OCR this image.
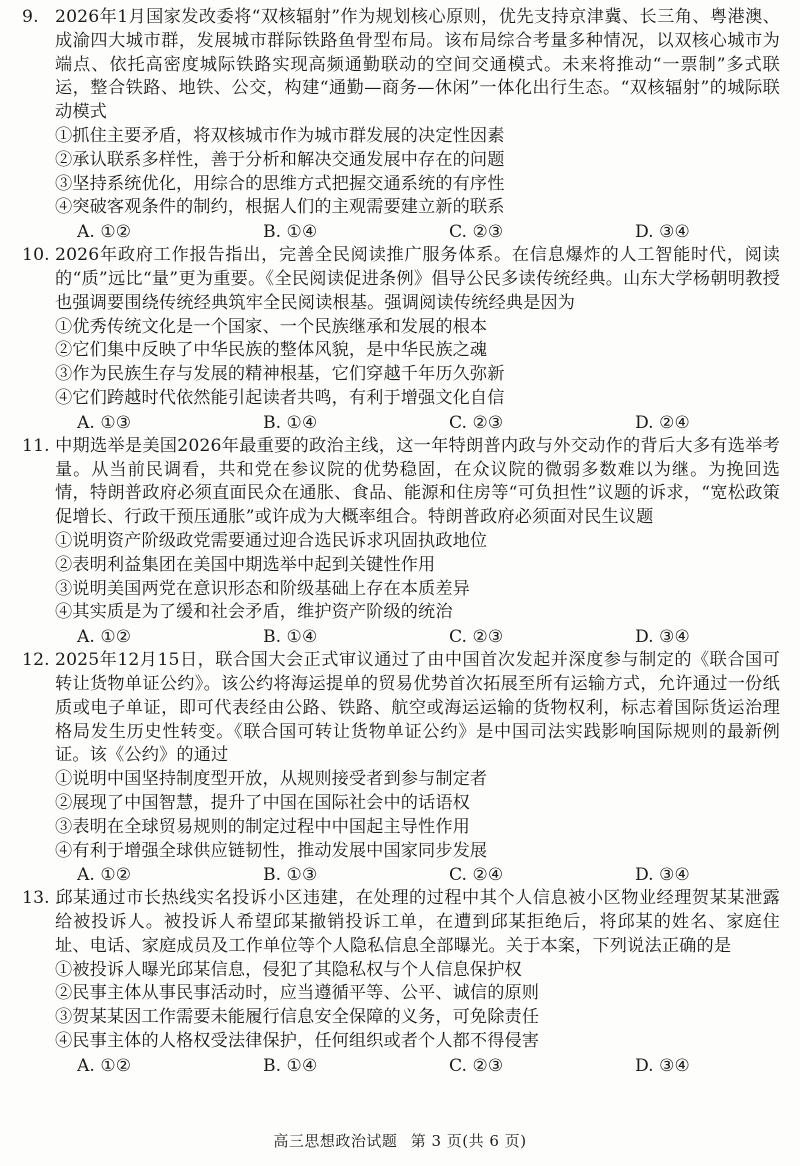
9. 2026年1月国家发改委将“双核辐射”作为规划核心原则，优先支持京津冀、长三角、粤港澳、成渝四大城市群，发展城市群际铁路鱼骨型布局。该布局综合考量多种情况，以双核心城市为端点、依托高密度城际铁路实现高频通勤联动的空间交通模式。未来将推动“一票制”多式联运，整合铁路、地铁、公交，构建“通勤—商务—休闲”一体化出行生态。“双核辐射”的城际联动模式

①抓住主要矛盾，将双核城市作为城市群发展的决定性因素

②承认联系多样性，善于分析和解决交通发展中存在的问题

③坚持系统优化，用综合的思维方式把握交通系统的有序性

④突破客观条件的制约，根据人们的主观需要建立新的联系

A. ①②	B. ①④	C. ②③	D. ③④

10. 2026年政府工作报告指出，完善全民阅读推广服务体系。在信息爆炸的人工智能时代，阅读的“质”远比“量”更为重要。《全民阅读促进条例》倡导公民多读传统经典。山东大学杨朝明教授也强调要围绕传统经典筑牢全民阅读根基。强调阅读传统经典是因为

①优秀传统文化是一个国家、一个民族继承和发展的根本

②它们集中反映了中华民族的整体风貌，是中华民族之魂

③作为民族生存与发展的精神根基，它们穿越千年历久弥新

④它们跨越时代依然能引起读者共鸣，有利于增强文化自信

A. ①③	B. ①④	C. ②③	D. ②④

11. 中期选举是美国2026年最重要的政治主线，这一年特朗普内政与外交动作的背后大多有选举考量。从当前民调看，共和党在参议院的优势稳固，在众议院的微弱多数难以为继。为挽回选情，特朗普政府必须直面民众在通胀、食品、能源和住房等“可负担性”议题的诉求，“宽松政策促增长、行政干预压通胀”或许成为大概率组合。特朗普政府必须面对民生议题

①说明资产阶级政党需要通过迎合选民诉求巩固执政地位

②表明利益集团在美国中期选举中起到关键性作用

③说明美国两党在意识形态和阶级基础上存在本质差异

④其实质是为了缓和社会矛盾，维护资产阶级的统治

A. ①②	B. ①④	C. ②③	D. ③④

12. 2025年12月15日，联合国大会正式审议通过了由中国首次发起并深度参与制定的《联合国可转让货物单证公约》。该公约将海运提单的贸易优势首次拓展至所有运输方式，允许通过一份纸质或电子单证，即可代表经由公路、铁路、航空或海运运输的货物权利，标志着国际货运治理格局发生历史性转变。《联合国可转让货物单证公约》是中国司法实践影响国际规则的最新例证。该《公约》的通过

①说明中国坚持制度型开放，从规则接受者到参与制定者

②展现了中国智慧，提升了中国在国际社会中的话语权

③表明在全球贸易规则的制定过程中中国起主导性作用

④有利于增强全球供应链韧性，推动发展中国家同步发展

A. ①②	B. ①③	C. ②④	D. ③④

13. 邱某通过市长热线实名投诉小区违建，在处理的过程中其个人信息被小区物业经理贺某某泄露给被投诉人。被投诉人希望邱某撤销投诉工单，在遭到邱某拒绝后，将邱某的姓名、家庭住址、电话、家庭成员及工作单位等个人隐私信息全部曝光。关于本案，下列说法正确的是

①被投诉人曝光邱某信息，侵犯了其隐私权与个人信息保护权

②民事主体从事民事活动时，应当遵循平等、公平、诚信的原则

③贺某某因工作需要未能履行信息安全保障的义务，可免除责任

④民事主体的人格权受法律保护，任何组织或者个人都不得侵害

A. ①②	B. ①④	C. ②③	D. ③④
高三思想政治试题 第 3 页(共 6 页)
